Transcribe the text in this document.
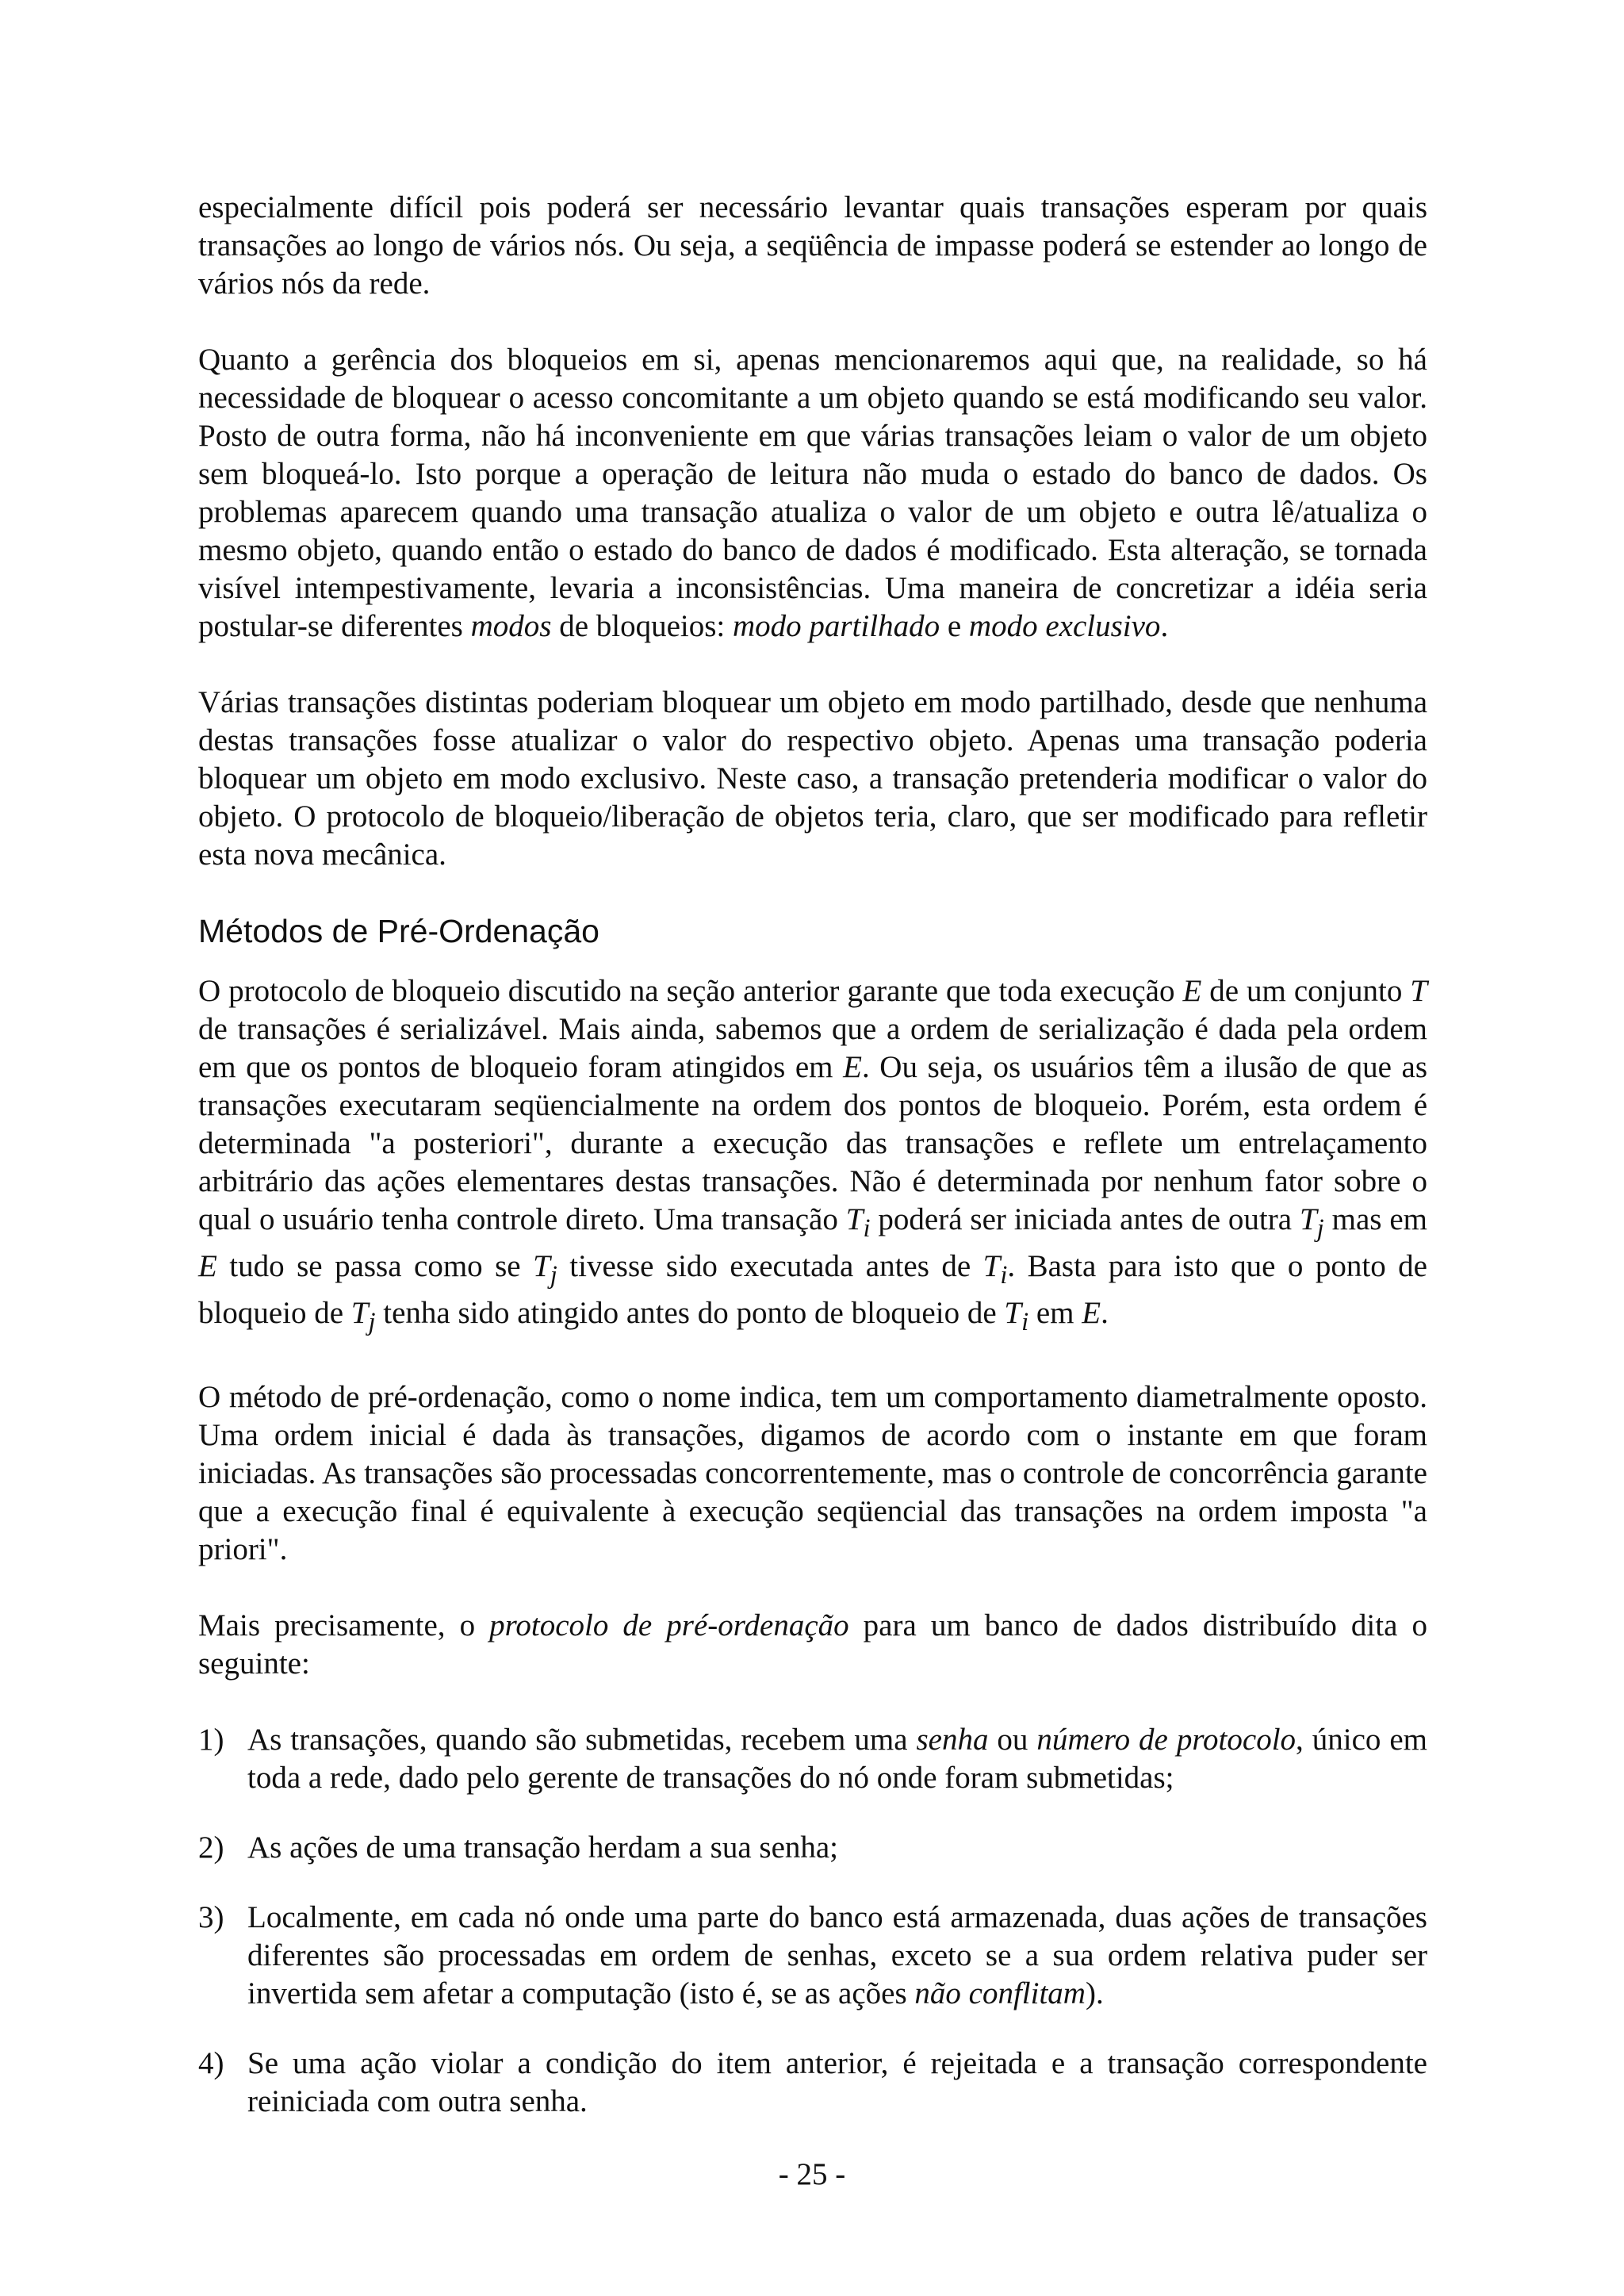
especialmente difícil pois poderá ser necessário levantar quais transações esperam por quais transações ao longo de vários nós. Ou seja, a seqüência de impasse poderá se estender ao longo de vários nós da rede.

Quanto a gerência dos bloqueios em si, apenas mencionaremos aqui que, na realidade, so há necessidade de bloquear o acesso concomitante a um objeto quando se está modificando seu valor. Posto de outra forma, não há inconveniente em que várias transações leiam o valor de um objeto sem bloqueá-lo. Isto porque a operação de leitura não muda o estado do banco de dados. Os problemas aparecem quando uma transação atualiza o valor de um objeto e outra lê/atualiza o mesmo objeto, quando então o estado do banco de dados é modificado. Esta alteração, se tornada visível intempestivamente, levaria a inconsistências. Uma maneira de concretizar a idéia seria postular-se diferentes modos de bloqueios: modo partilhado e modo exclusivo.

Várias transações distintas poderiam bloquear um objeto em modo partilhado, desde que nenhuma destas transações fosse atualizar o valor do respectivo objeto. Apenas uma transação poderia bloquear um objeto em modo exclusivo. Neste caso, a transação pretenderia modificar o valor do objeto. O protocolo de bloqueio/liberação de objetos teria, claro, que ser modificado para refletir esta nova mecânica.

Métodos de Pré-Ordenação

O protocolo de bloqueio discutido na seção anterior garante que toda execução E de um conjunto T de transações é serializável. Mais ainda, sabemos que a ordem de serialização é dada pela ordem em que os pontos de bloqueio foram atingidos em E. Ou seja, os usuários têm a ilusão de que as transações executaram seqüencialmente na ordem dos pontos de bloqueio. Porém, esta ordem é determinada "a posteriori", durante a execução das transações e reflete um entrelaçamento arbitrário das ações elementares destas transações. Não é determinada por nenhum fator sobre o qual o usuário tenha controle direto. Uma transação $T_i$ poderá ser iniciada antes de outra $T_j$ mas em E tudo se passa como se $T_j$ tivesse sido executada antes de $T_i$. Basta para isto que o ponto de bloqueio de $T_j$ tenha sido atingido antes do ponto de bloqueio de $T_i$ em E.

O método de pré-ordenação, como o nome indica, tem um comportamento diametralmente oposto. Uma ordem inicial é dada às transações, digamos de acordo com o instante em que foram iniciadas. As transações são processadas concorrentemente, mas o controle de concorrência garante que a execução final é equivalente à execução seqüencial das transações na ordem imposta "a priori".

Mais precisamente, o protocolo de pré-ordenação para um banco de dados distribuído dita o seguinte:

1) As transações, quando são submetidas, recebem uma senha ou número de protocolo, único em toda a rede, dado pelo gerente de transações do nó onde foram submetidas;
2) As ações de uma transação herdam a sua senha;
3) Localmente, em cada nó onde uma parte do banco está armazenada, duas ações de transações diferentes são processadas em ordem de senhas, exceto se a sua ordem relativa puder ser invertida sem afetar a computação (isto é, se as ações não conflitam).
4) Se uma ação violar a condição do item anterior, é rejeitada e a transação correspondente reiniciada com outra senha.
- 25 -
